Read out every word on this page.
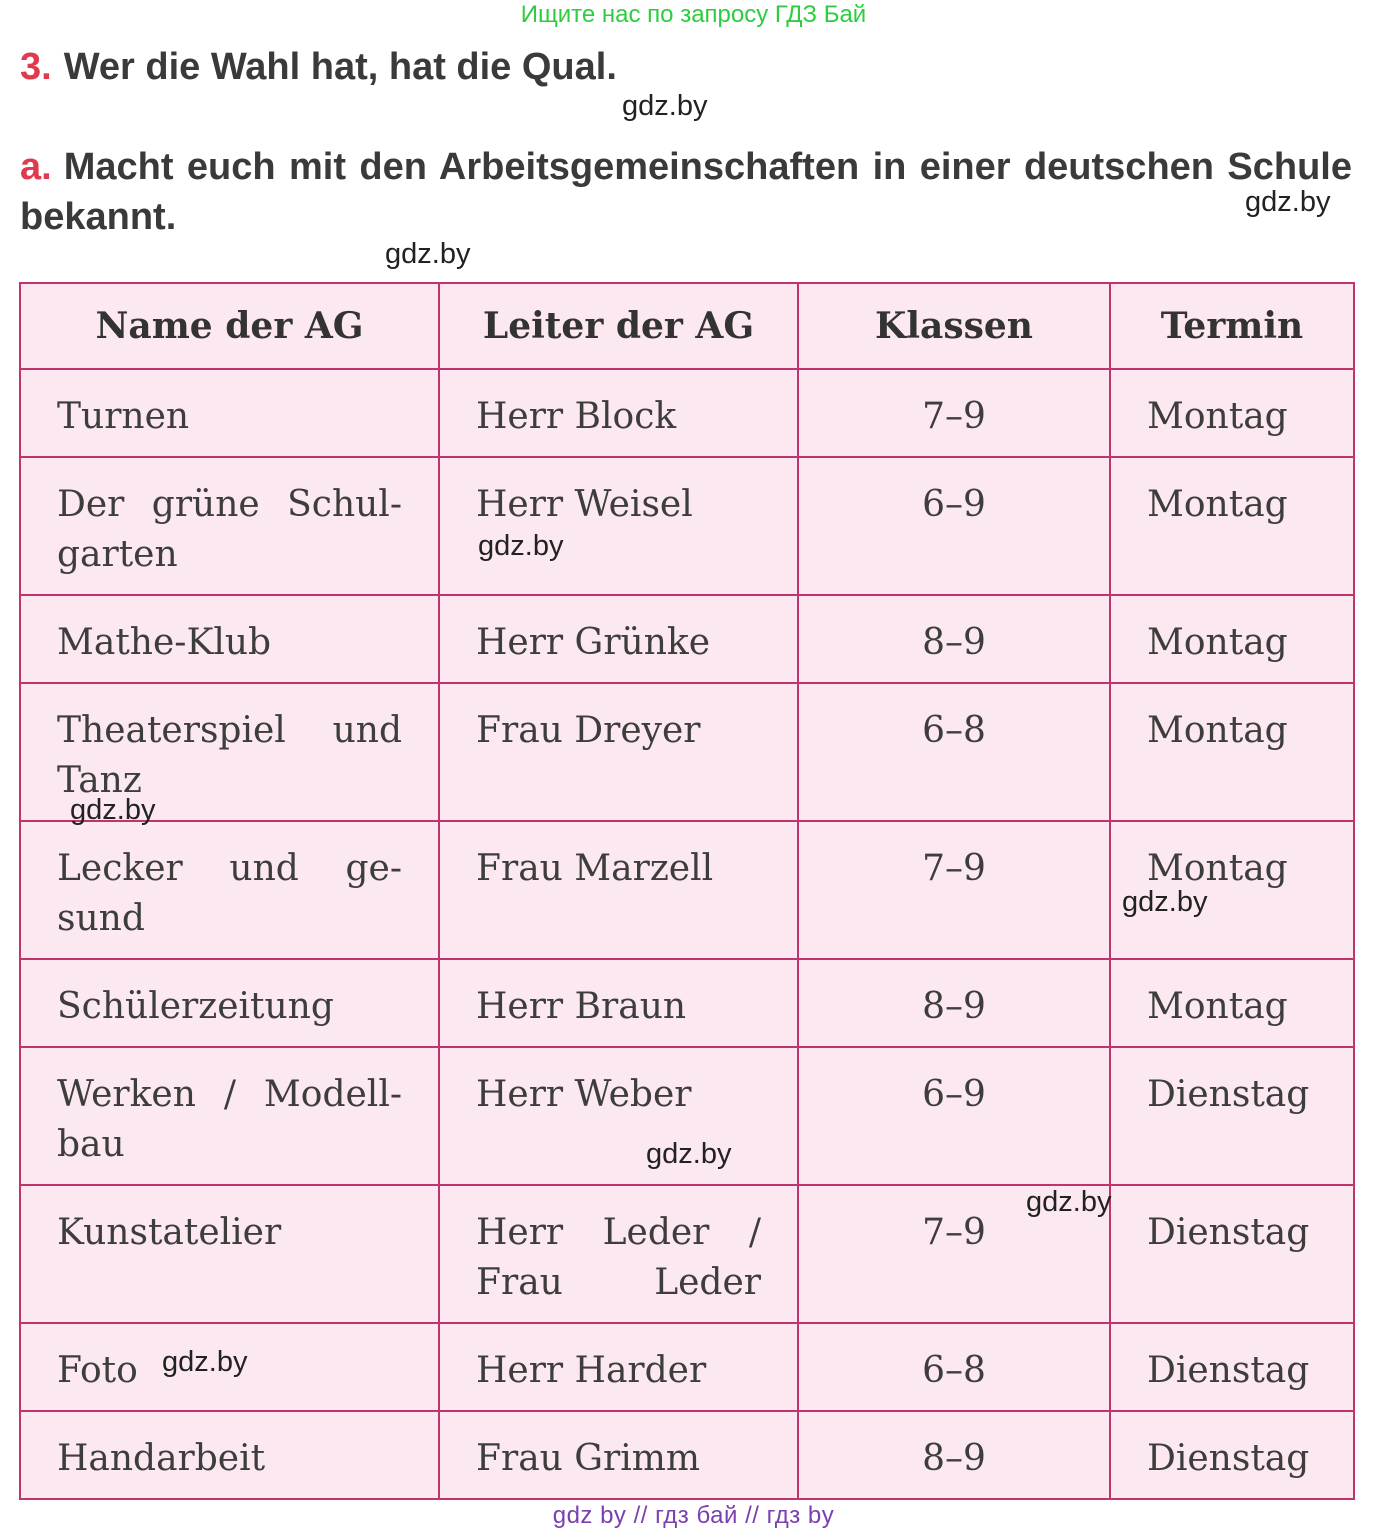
Ищите нас по запросу ГДЗ Бай
3. Wer die Wahl hat, hat die Qual.
a. Macht euch mit den Arbeitsgemeinschaften in einer deutschen Schule bekannt.
Name der AG	Leiter der AG	Klassen	Termin
Turnen	Herr Block	7–9	Montag

Der grüne Schul-garten	Herr Weisel	6–9	Montag
Mathe-Klub	Herr Grünke	8–9	Montag

Theaterspiel und Tanz	Frau Dreyer	6–8	Montag

Lecker und ge-sund	Frau Marzell	7–9	Montag
Schülerzeitung	Herr Braun	8–9	Montag

Werken / Modell-bau	Herr Weber	6–9	Dienstag
Kunstatelier	Herr Leder / Frau Leder	7–9	Dienstag
Foto	Herr Harder	6–8	Dienstag
Handarbeit	Frau Grimm	8–9	Dienstag
gdz.by
gdz.by
gdz.by
gdz.by
gdz.by
gdz.by
gdz.by
gdz.by
gdz.by
gdz by // гдз бай // гдз by
